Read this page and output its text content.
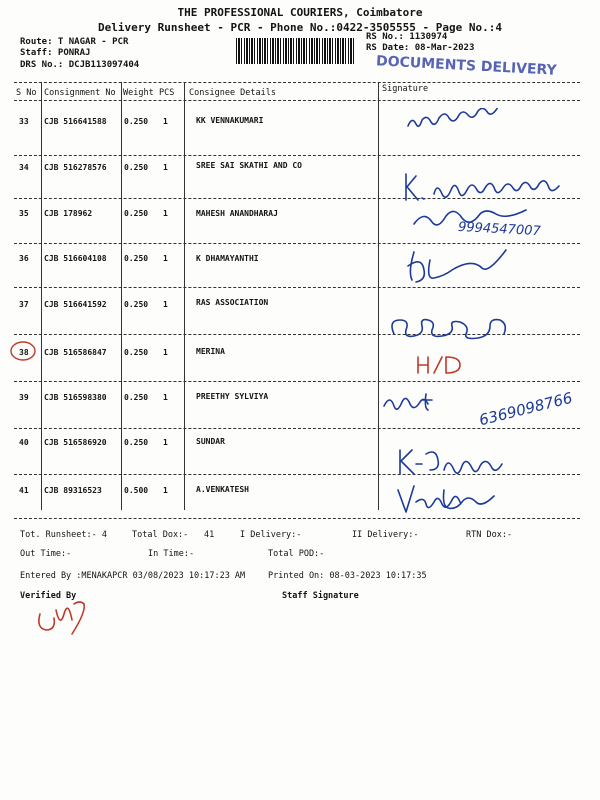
THE PROFESSIONAL COURIERS, Coimbatore
Delivery Runsheet - PCR - Phone No.:0422-3505555 - Page No.:4
Route: T NAGAR - PCR
Staff: PONRAJ
DRS No.: DCJB113097404
RS No.: 1130974
RS Date: 08-Mar-2023
DOCUMENTS DELIVERY
S No Consignment No Weight PCS Consignee Details	Signature
33 CJB 516641588 0.250 1	KK VENNAKUMARI
34 CJB 516278576 0.250 1	SREE SAI SKATHI AND CO
35 CJB 178962	0.250 1	MAHESH ANANDHARAJ
36 CJB 516604108 0.250 1	K DHAMAYANTHI
37 CJB 516641592 0.250 1	RAS ASSOCIATION
38 CJB 516586847 0.250 1	MERINA
39 CJB 516598380 0.250 1	PREETHY SYLVIYA
40 CJB 516586920 0.250 1	SUNDAR
41 CJB 89316523	0.500 1	A.VENKATESH
9994547007
6369098766
Tot. Runsheet:- 4	Total Dox:- 41	I Delivery:-	II Delivery:-	RTN Dox:-
Out Time:-	In Time:-	Total POD:-
Entered By :MENAKAPCR 03/08/2023 10:17:23 AM	Printed On: 08-03-2023 10:17:35
Verified By	Staff Signature
